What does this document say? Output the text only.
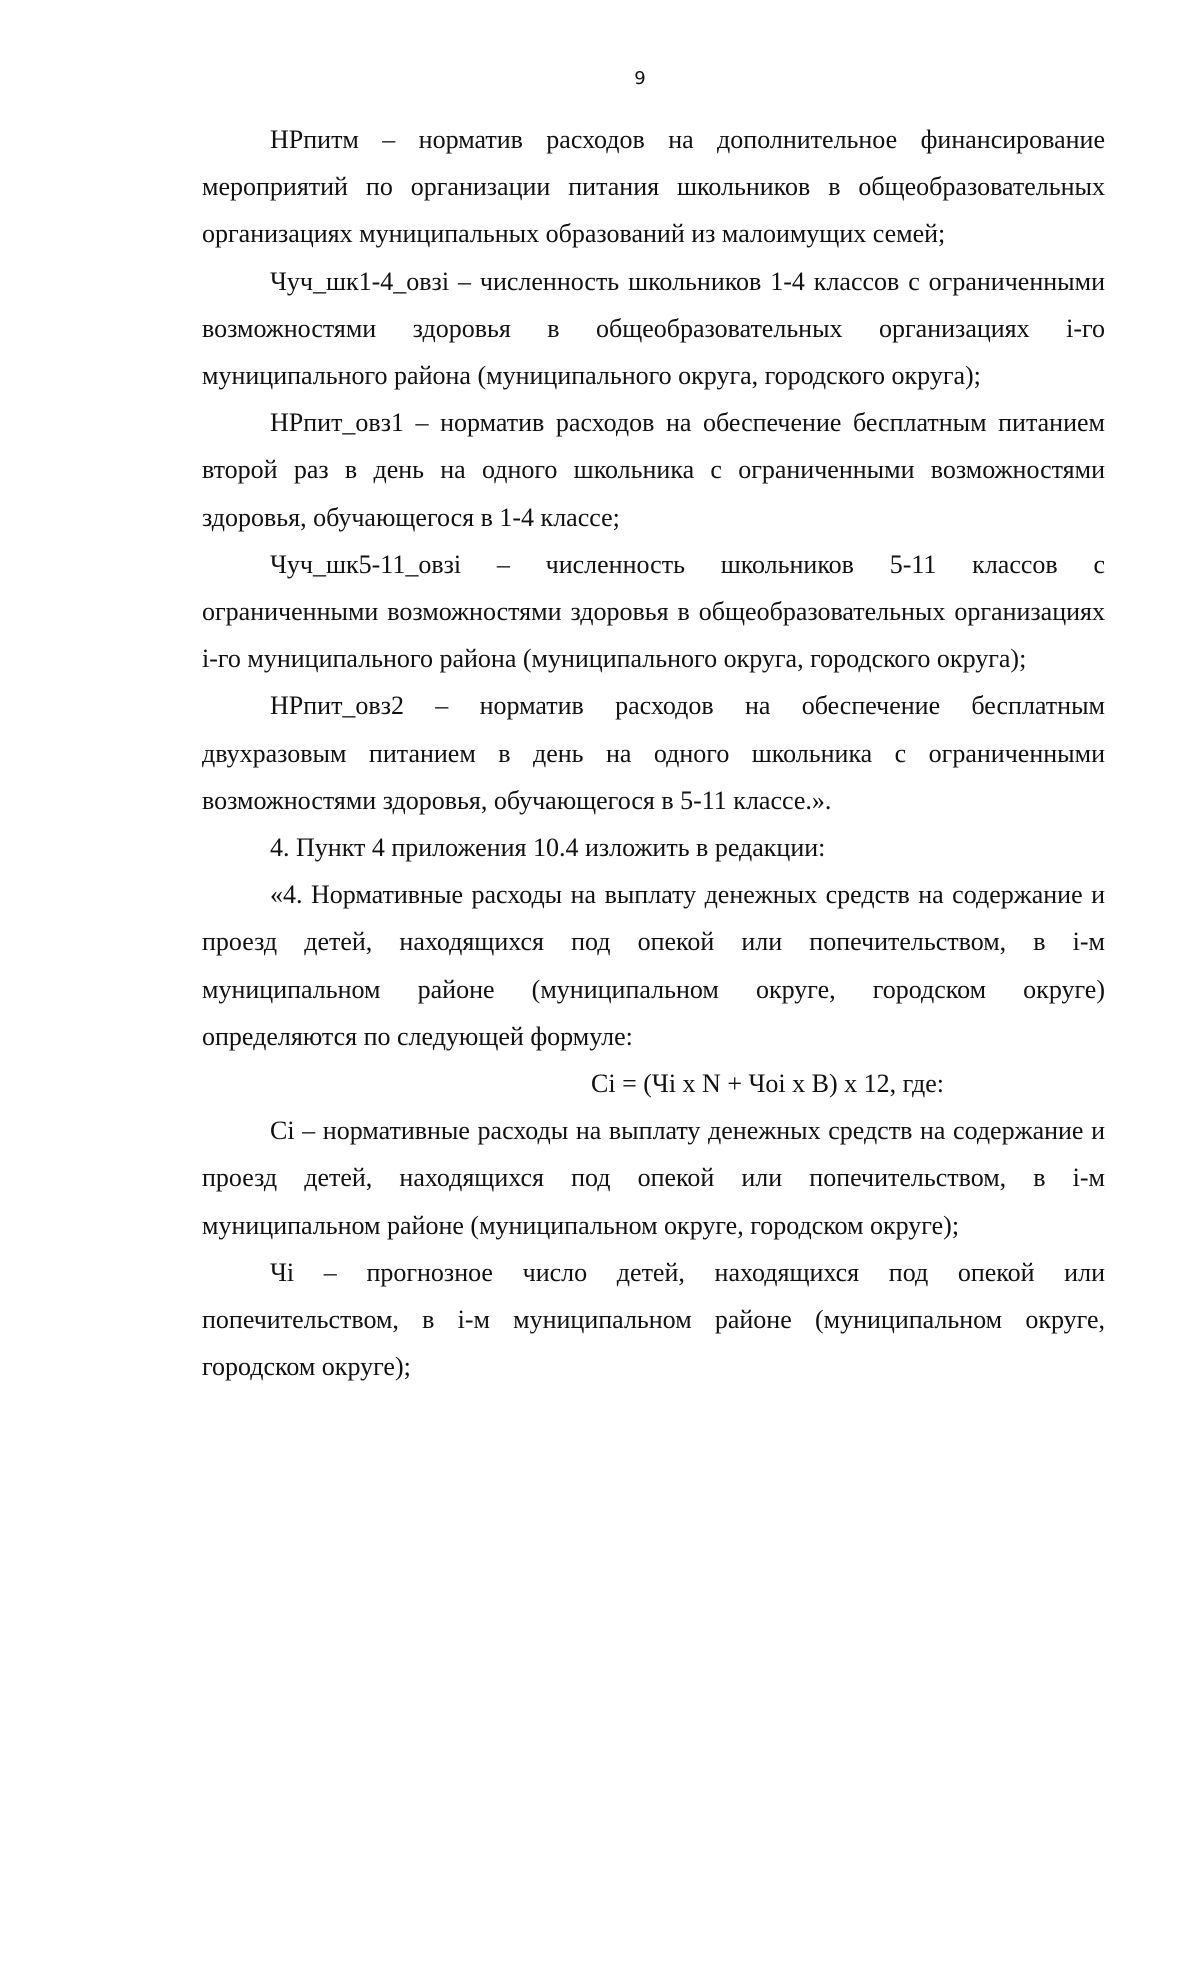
9

НРпитм – норматив расходов на дополнительное финансирование мероприятий по организации питания школьников в общеобразовательных организациях муниципальных образований из малоимущих семей;

Чуч_шк1-4_овзi – численность школьников 1-4 классов с ограниченными возможностями здоровья в общеобразовательных организациях i-го муниципального района (муниципального округа, городского округа);

НРпит_овз1 – норматив расходов на обеспечение бесплатным питанием второй раз в день на одного школьника с ограниченными возможностями здоровья, обучающегося в 1-4 классе;

Чуч_шк5-11_овзi – численность школьников 5-11 классов с ограниченными возможностями здоровья в общеобразовательных организациях i-го муниципального района (муниципального округа, городского округа);

НРпит_овз2 – норматив расходов на обеспечение бесплатным двухразовым питанием в день на одного школьника с ограниченными возможностями здоровья, обучающегося в 5-11 классе.».

4. Пункт 4 приложения 10.4 изложить в редакции:

«4. Нормативные расходы на выплату денежных средств на содержание и проезд детей, находящихся под опекой или попечительством, в i-м муниципальном районе (муниципальном округе, городском округе) определяются по следующей формуле:

Ci = (Чi x N + Чoi x B) x 12, где:

Ci – нормативные расходы на выплату денежных средств на содержание и проезд детей, находящихся под опекой или попечительством, в i-м муниципальном районе (муниципальном округе, городском округе);

Чi – прогнозное число детей, находящихся под опекой или попечительством, в i-м муниципальном районе (муниципальном округе, городском округе);
